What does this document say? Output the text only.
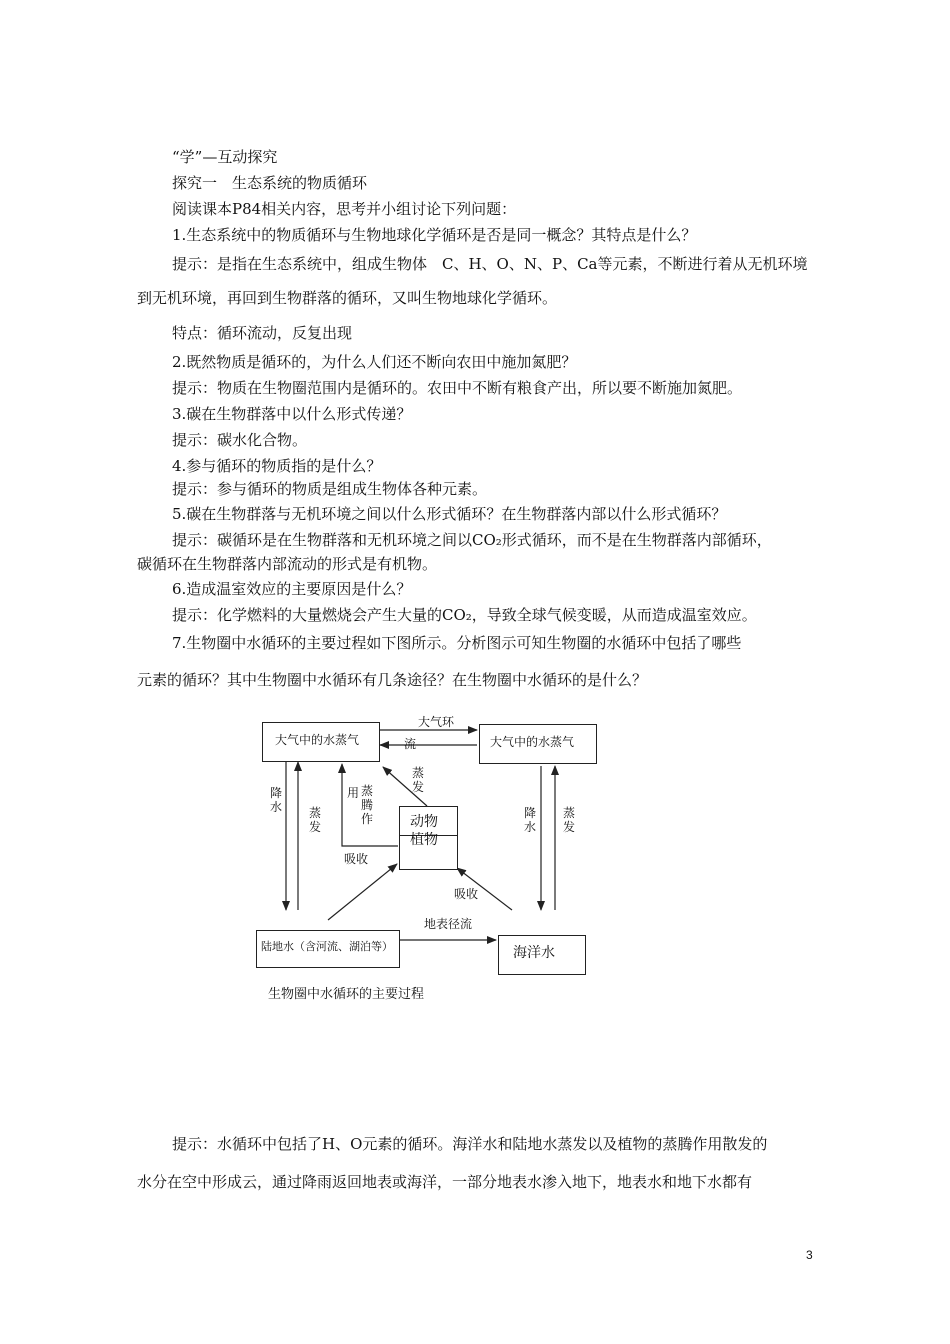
“学”—互动探究
探究一　生态系统的物质循环
阅读课本P84相关内容，思考并小组讨论下列问题：
1.生态系统中的物质循环与生物地球化学循环是否是同一概念？其特点是什么？
提示：是指在生态系统中，组成生物体　C、H、O、N、P、Ca等元素，不断进行着从无机环境
到无机环境，再回到生物群落的循环，又叫生物地球化学循环。
特点：循环流动，反复出现
2.既然物质是循环的，为什么人们还不断向农田中施加氮肥？
提示：物质在生物圈范围内是循环的。农田中不断有粮食产出，所以要不断施加氮肥。
3.碳在生物群落中以什么形式传递？
提示：碳水化合物。
4.参与循环的物质指的是什么？
提示：参与循环的物质是组成生物体各种元素。
5.碳在生物群落与无机环境之间以什么形式循环？在生物群落内部以什么形式循环？
提示：碳循环是在生物群落和无机环境之间以CO₂形式循环，而不是在生物群落内部循环，
碳循环在生物群落内部流动的形式是有机物。
6.造成温室效应的主要原因是什么？
提示：化学燃料的大量燃烧会产生大量的CO₂，导致全球气候变暖，从而造成温室效应。
7.生物圈中水循环的主要过程如下图所示。分析图示可知生物圈的水循环中包括了哪些
元素的循环？其中生物圈中水循环有几条途径？在生物圈中水循环的是什么？
大气中的水蒸气	大气中的水蒸气
动物
植物
陆地水（含河流、湖泊等）	海洋水
大气环
流
降水 蒸发
用 蒸腾
作
蒸发
吸收
吸收
降水
蒸发
地表径流
生物圈中水循环的主要过程
提示：水循环中包括了H、O元素的循环。海洋水和陆地水蒸发以及植物的蒸腾作用散发的
水分在空中形成云，通过降雨返回地表或海洋，一部分地表水渗入地下，地表水和地下水都有
3
